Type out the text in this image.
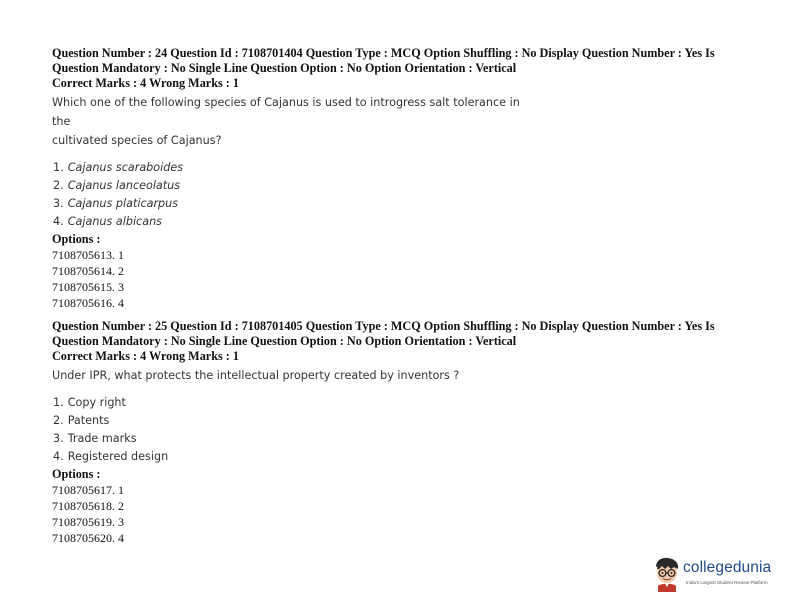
Question Number : 24 Question Id : 7108701404 Question Type : MCQ Option Shuffling : No Display Question Number : Yes Is
Question Mandatory : No Single Line Question Option : No Option Orientation : Vertical
Correct Marks : 4 Wrong Marks : 1
Which one of the following species of Cajanus is used to introgress salt tolerance in the
cultivated species of Cajanus?
1. Cajanus scaraboides
2. Cajanus lanceolatus
3. Cajanus platicarpus
4. Cajanus albicans
Options :
7108705613. 1
7108705614. 2
7108705615. 3
7108705616. 4
Question Number : 25 Question Id : 7108701405 Question Type : MCQ Option Shuffling : No Display Question Number : Yes Is
Question Mandatory : No Single Line Question Option : No Option Orientation : Vertical
Correct Marks : 4 Wrong Marks : 1
Under IPR, what protects the intellectual property created by inventors ?
1. Copy right
2. Patents
3. Trade marks
4. Registered design
Options :
7108705617. 1
7108705618. 2
7108705619. 3
7108705620. 4
collegedunia
India's Largest Student Review Platform
